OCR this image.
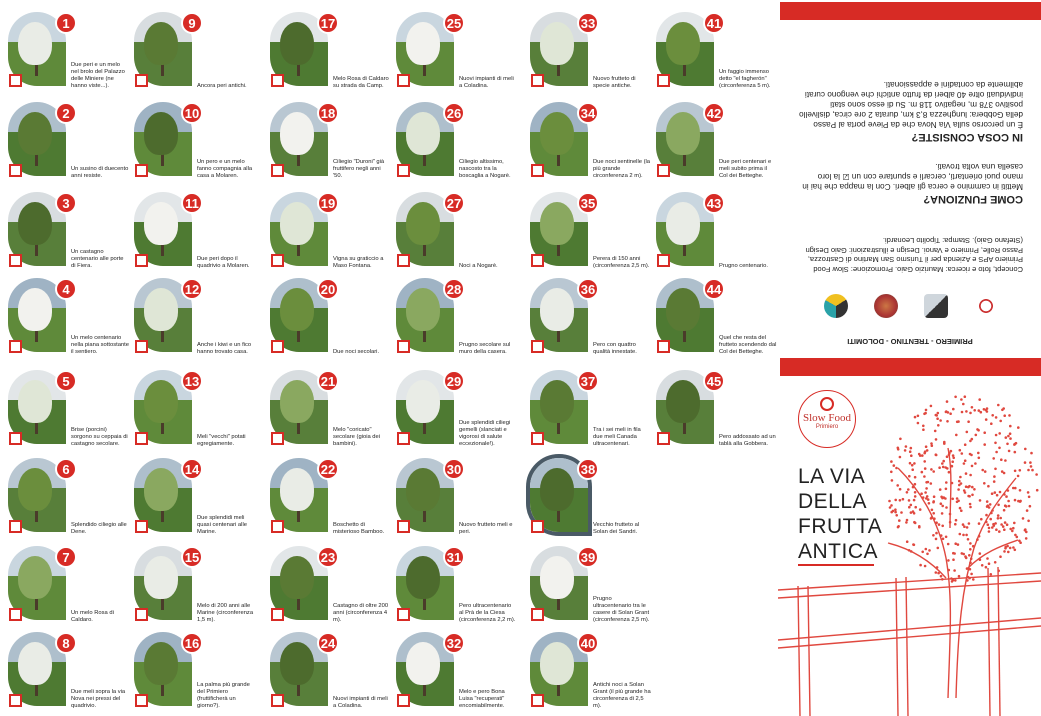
1
Due peri e un melo nel brolo del Palazzo delle Miniere (ne hanno viste...).
2
Un susino di duecento anni resiste.
3
Un castagno centenario alle porte di Fiera.
4
Un melo centenario nella piana sottostante il sentiero.
5
Brise (porcini) sorgono su ceppaia di castagno secolare.
6
Splendido ciliegio alle Dene.
7
Un melo Rosa di Caldaro.
8
Due meli sopra la via Nova nei pressi del quadrivio.
9
Ancora peri antichi.
10
Un pero e un melo fanno compagnia alla casa a Molaren.
11
Due peri dopo il quadrivio a Molaren.
12
Anche i kiwi e un fico hanno trovato casa.
13
Meli "vecchi" potati egregiamente.
14
Due splendidi meli quasi centenari alle Marine.
15
Melo di 200 anni alle Marine (circonferenza 1,5 m).
16
La palma più grande del Primiero (fruttificherà un giorno?).
17
Melo Rosa di Caldaro su strada da Camp.
18
Ciliegio "Duroni" già fruttifero negli anni '50.
19
Vigna su graticcio a Maso Fontana.
20
Due noci secolari.
21
Melo "coricato" secolare (gioia dei bambini).
22
Boschetto di misterioso Bamboo.
23
Castagno di oltre 200 anni (circonferenza 4 m).
24
Nuovi impianti di meli a Coladina.
25
Nuovi impianti di meli a Coladina.
26
Ciliegio altissimo, nascosto tra la boscaglia a Nogarè.
27
Noci a Nogarè.
28
Prugno secolare sul muro della casera.
29
Due splendidi ciliegi gemelli (slanciati e vigorosi di salute eccezionale!).
30
Nuovo frutteto meli e peri.
31
Pero ultracentenario al Prà de la Ciesa (circonferenza 2,2 m).
32
Melo e pero Bona Luisa "recuperati" encomiabilmente.
33
Nuovo frutteto di specie antiche.
34
Due noci sentinelle (la più grande circonferenza 2 m).
35
Perera di 150 anni (circonferenza 2,5 m).
36
Pero con quattro qualità innestate.
37
Tra i sei meli in fila due meli Canada ultracentenari.
38
Vecchio frutteto al Solan dei Sandri.
39
Prugno ultracentenario tra le casere di Solan Grant (circonferenza 2,5 m).
40
Antichi noci a Solan Grant (il più grande ha circonferenza di 2,5 m).
41
Un faggio immenso detto "el fagherön" (circonferenza 5 m).
42
Due peri centenari e meli subito prima il Col dei Betteghe.
43
Prugno centenario.
44
Quel che resta del frutteto scendendo dal Col dei Betteghe.
45
Pero addossato ad un tablà alla Gobbera.
PRIMIERO - TRENTINO - DOLOMITI
Concept, foto e ricerca: Maurizio Gaio. Promozione: Slow Food Primiero APS e Azienda per il Turismo San Martino di Castrozza, Passo Rolle, Primiero e Vanoi. Design e illustrazioni: Gaio Design (Stefano Gaio). Stampa: Tipolito Leonardi.
COME FUNZIONA?

Mettiti in cammino e cerca gli alberi. Con la mappa che hai in mano puoi orientarti, cercarli e spuntare con un ☑ la loro casella una volta trovati.

IN COSA CONSISTE?

È un percorso sulla Via Nova che da Pieve porta al Passo della Gobbera: lunghezza 8,3 km, durata 2 ore circa, dislivello positivo 378 m, negativo 118 m. Su di esso sono stati individuati oltre 40 alberi da frutto antichi che vengono curati abilmente da contadini e appassionati.

Slow Food
Primiero
LA VIA
DELLA
FRUTTA
ANTICA
